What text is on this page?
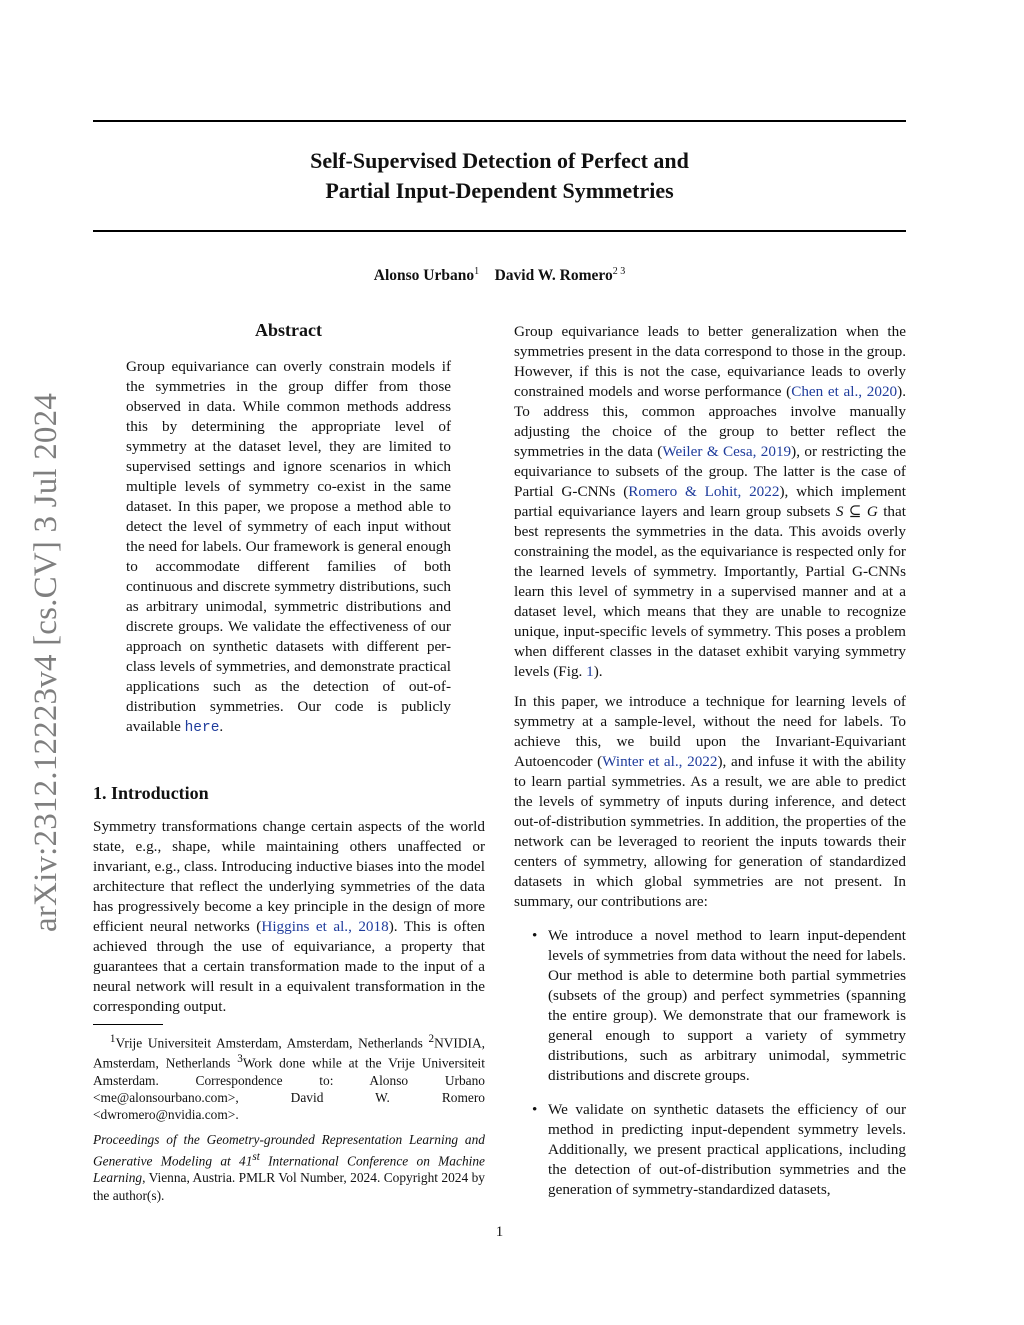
Self-Supervised Detection of Perfect and
Partial Input-Dependent Symmetries
Alonso Urbano$^1$ David W. Romero$^{2 3}$
arXiv:2312.12223v4 [cs.CV] 3 Jul 2024
Abstract

Group equivariance can overly constrain models if the symmetries in the group differ from those observed in data. While common methods address this by determining the appropriate level of symmetry at the dataset level, they are limited to supervised settings and ignore scenarios in which multiple levels of symmetry co-exist in the same dataset. In this paper, we propose a method able to detect the level of symmetry of each input without the need for labels. Our framework is general enough to accommodate different families of both continuous and discrete symmetry distributions, such as arbitrary unimodal, symmetric distributions and discrete groups. We validate the effectiveness of our approach on synthetic datasets with different per-class levels of symmetries, and demonstrate practical applications such as the detection of out-of-distribution symmetries. Our code is publicly available here.

1. Introduction

Symmetry transformations change certain aspects of the world state, e.g., shape, while maintaining others unaffected or invariant, e.g., class. Introducing inductive biases into the model architecture that reflect the underlying symmetries of the data has progressively become a key principle in the design of more efficient neural networks (Higgins et al., 2018). This is often achieved through the use of equivariance, a property that guarantees that a certain transformation made to the input of a neural network will result in a equivalent transformation in the corresponding output.

$^1$Vrije Universiteit Amsterdam, Amsterdam, Netherlands $^2$NVIDIA, Amsterdam, Netherlands $^3$Work done while at the Vrije Universiteit Amsterdam. Correspondence to: Alonso Urbano <me@alonsourbano.com>, David W. Romero <dwromero@nvidia.com>.
Proceedings of the Geometry-grounded Representation Learning and Generative Modeling at 41st International Conference on Machine Learning, Vienna, Austria. PMLR Vol Number, 2024. Copyright 2024 by the author(s).

Group equivariance leads to better generalization when the symmetries present in the data correspond to those in the group. However, if this is not the case, equivariance leads to overly constrained models and worse performance (Chen et al., 2020). To address this, common approaches involve manually adjusting the choice of the group to better reflect the symmetries in the data (Weiler & Cesa, 2019), or restricting the equivariance to subsets of the group. The latter is the case of Partial G-CNNs (Romero & Lohit, 2022), which implement partial equivariance layers and learn group subsets S ⊆ G that best represents the symmetries in the data. This avoids overly constraining the model, as the equivariance is respected only for the learned levels of symmetry. Importantly, Partial G-CNNs learn this level of symmetry in a supervised manner and at a dataset level, which means that they are unable to recognize unique, input-specific levels of symmetry. This poses a problem when different classes in the dataset exhibit varying symmetry levels (Fig. 1).

In this paper, we introduce a technique for learning levels of symmetry at a sample-level, without the need for labels. To achieve this, we build upon the Invariant-Equivariant Autoencoder (Winter et al., 2022), and infuse it with the ability to learn partial symmetries. As a result, we are able to predict the levels of symmetry of inputs during inference, and detect out-of-distribution symmetries. In addition, the properties of the network can be leveraged to reorient the inputs towards their centers of symmetry, allowing for generation of standardized datasets in which global symmetries are not present. In summary, our contributions are:

• We introduce a novel method to learn input-dependent levels of symmetries from data without the need for labels. Our method is able to determine both partial symmetries (subsets of the group) and perfect symmetries (spanning the entire group). We demonstrate that our framework is general enough to support a variety of symmetry distributions, such as arbitrary unimodal, symmetric distributions and discrete groups.
• We validate on synthetic datasets the efficiency of our method in predicting input-dependent symmetry levels. Additionally, we present practical applications, including the detection of out-of-distribution symmetries and the generation of symmetry-standardized datasets,
1
